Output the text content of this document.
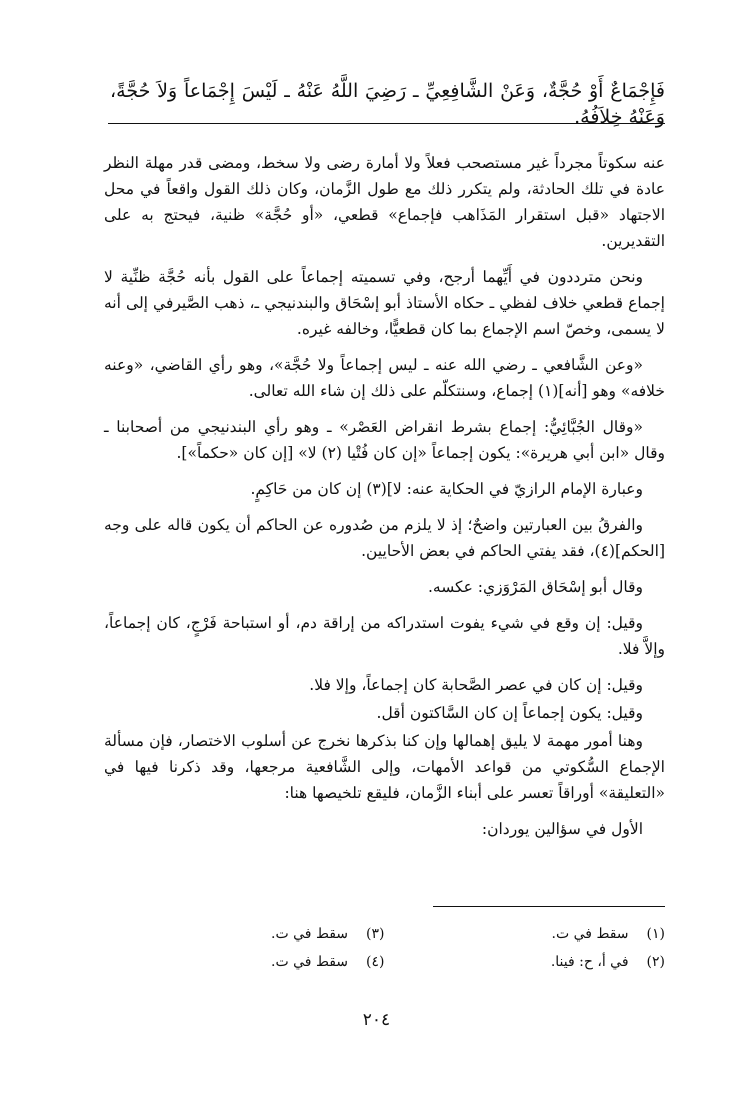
فَإِجْمَاعٌ أَوْ حُجَّةٌ، وَعَنْ الشَّافِعِيِّ ـ رَضِيَ اللَّهُ عَنْهُ ـ لَيْسَ إِجْمَاعاً وَلاَ حُجَّةً، وَعَنْهُ خِلاَفُهُ.

عنه سكوتاً مجرداً غير مستصحب فعلاً ولا أمارة رضى ولا سخط، ومضى قدر مهلة النظر عادة في تلك الحادثة، ولم يتكرر ذلك مع طول الزَّمان، وكان ذلك القول واقعاً في محل الاجتهاد «قبل استقرار المَذَاهب فإجماع» قطعي، «أو حُجَّة» ظنية، فيحتج به على التقديرين.

ونحن مترددون في أَيِّهما أرجح، وفي تسميته إجماعاً على القول بأنه حُجَّة ظنِّية لا إجماع قطعي خلاف لفظي ـ حكاه الأستاذ أبو إسْحَاق والبندنيجي ـ، ذهب الصَّيرفي إلى أنه لا يسمى، وخصّ اسم الإجماع بما كان قطعيًّا، وخالفه غيره.

«وعن الشَّافعي ـ رضي الله عنه ـ ليس إجماعاً ولا حُجَّة»، وهو رأي القاضي، «وعنه خلافه» وهو [أنه](١) إجماع، وسنتكلّم على ذلك إن شاء الله تعالى.

«وقال الجُبَّائِيُّ: إجماع بشرط انقراض العَصْر» ـ وهو رأي البندنيجي من أصحابنا ـ وقال «ابن أبي هريرة»: يكون إجماعاً «إن كان فُتْيا (٢) لا» [إن كان «حكماً»].

وعبارة الإمام الرازيّ في الحكاية عنه: لا](٣) إن كان من حَاكِمٍ.

والفرقُ بين العبارتين واضحٌ؛ إذ لا يلزم من صُدوره عن الحاكم أن يكون قاله على وجه [الحكم](٤)، فقد يفتي الحاكم في بعض الأحايين.

وقال أبو إسْحَاق المَرْوَزي: عكسه.

وقيل: إن وقع في شيء يفوت استدراكه من إراقة دم، أو استباحة فَرْجٍ، كان إجماعاً، وإلاَّ فلا.

وقيل: إن كان في عصر الصَّحابة كان إجماعاً، وإلا فلا.

وقيل: يكون إجماعاً إن كان السَّاكتون أقل.

وهنا أمور مهمة لا يليق إهمالها وإن كنا بذكرها نخرج عن أسلوب الاختصار، فإن مسألة الإجماع السُّكوتي من قواعد الأمهات، وإلى الشَّافعية مرجعها، وقد ذكرنا فيها في «التعليقة» أوراقاً تعسر على أبناء الزَّمان، فليقع تلخيصها هنا:

الأول في سؤالين يوردان:

(١) سقط في ت.
(٣) سقط في ت.
(٢) في أ، ح: فينا.
(٤) سقط في ت.
٢٠٤
